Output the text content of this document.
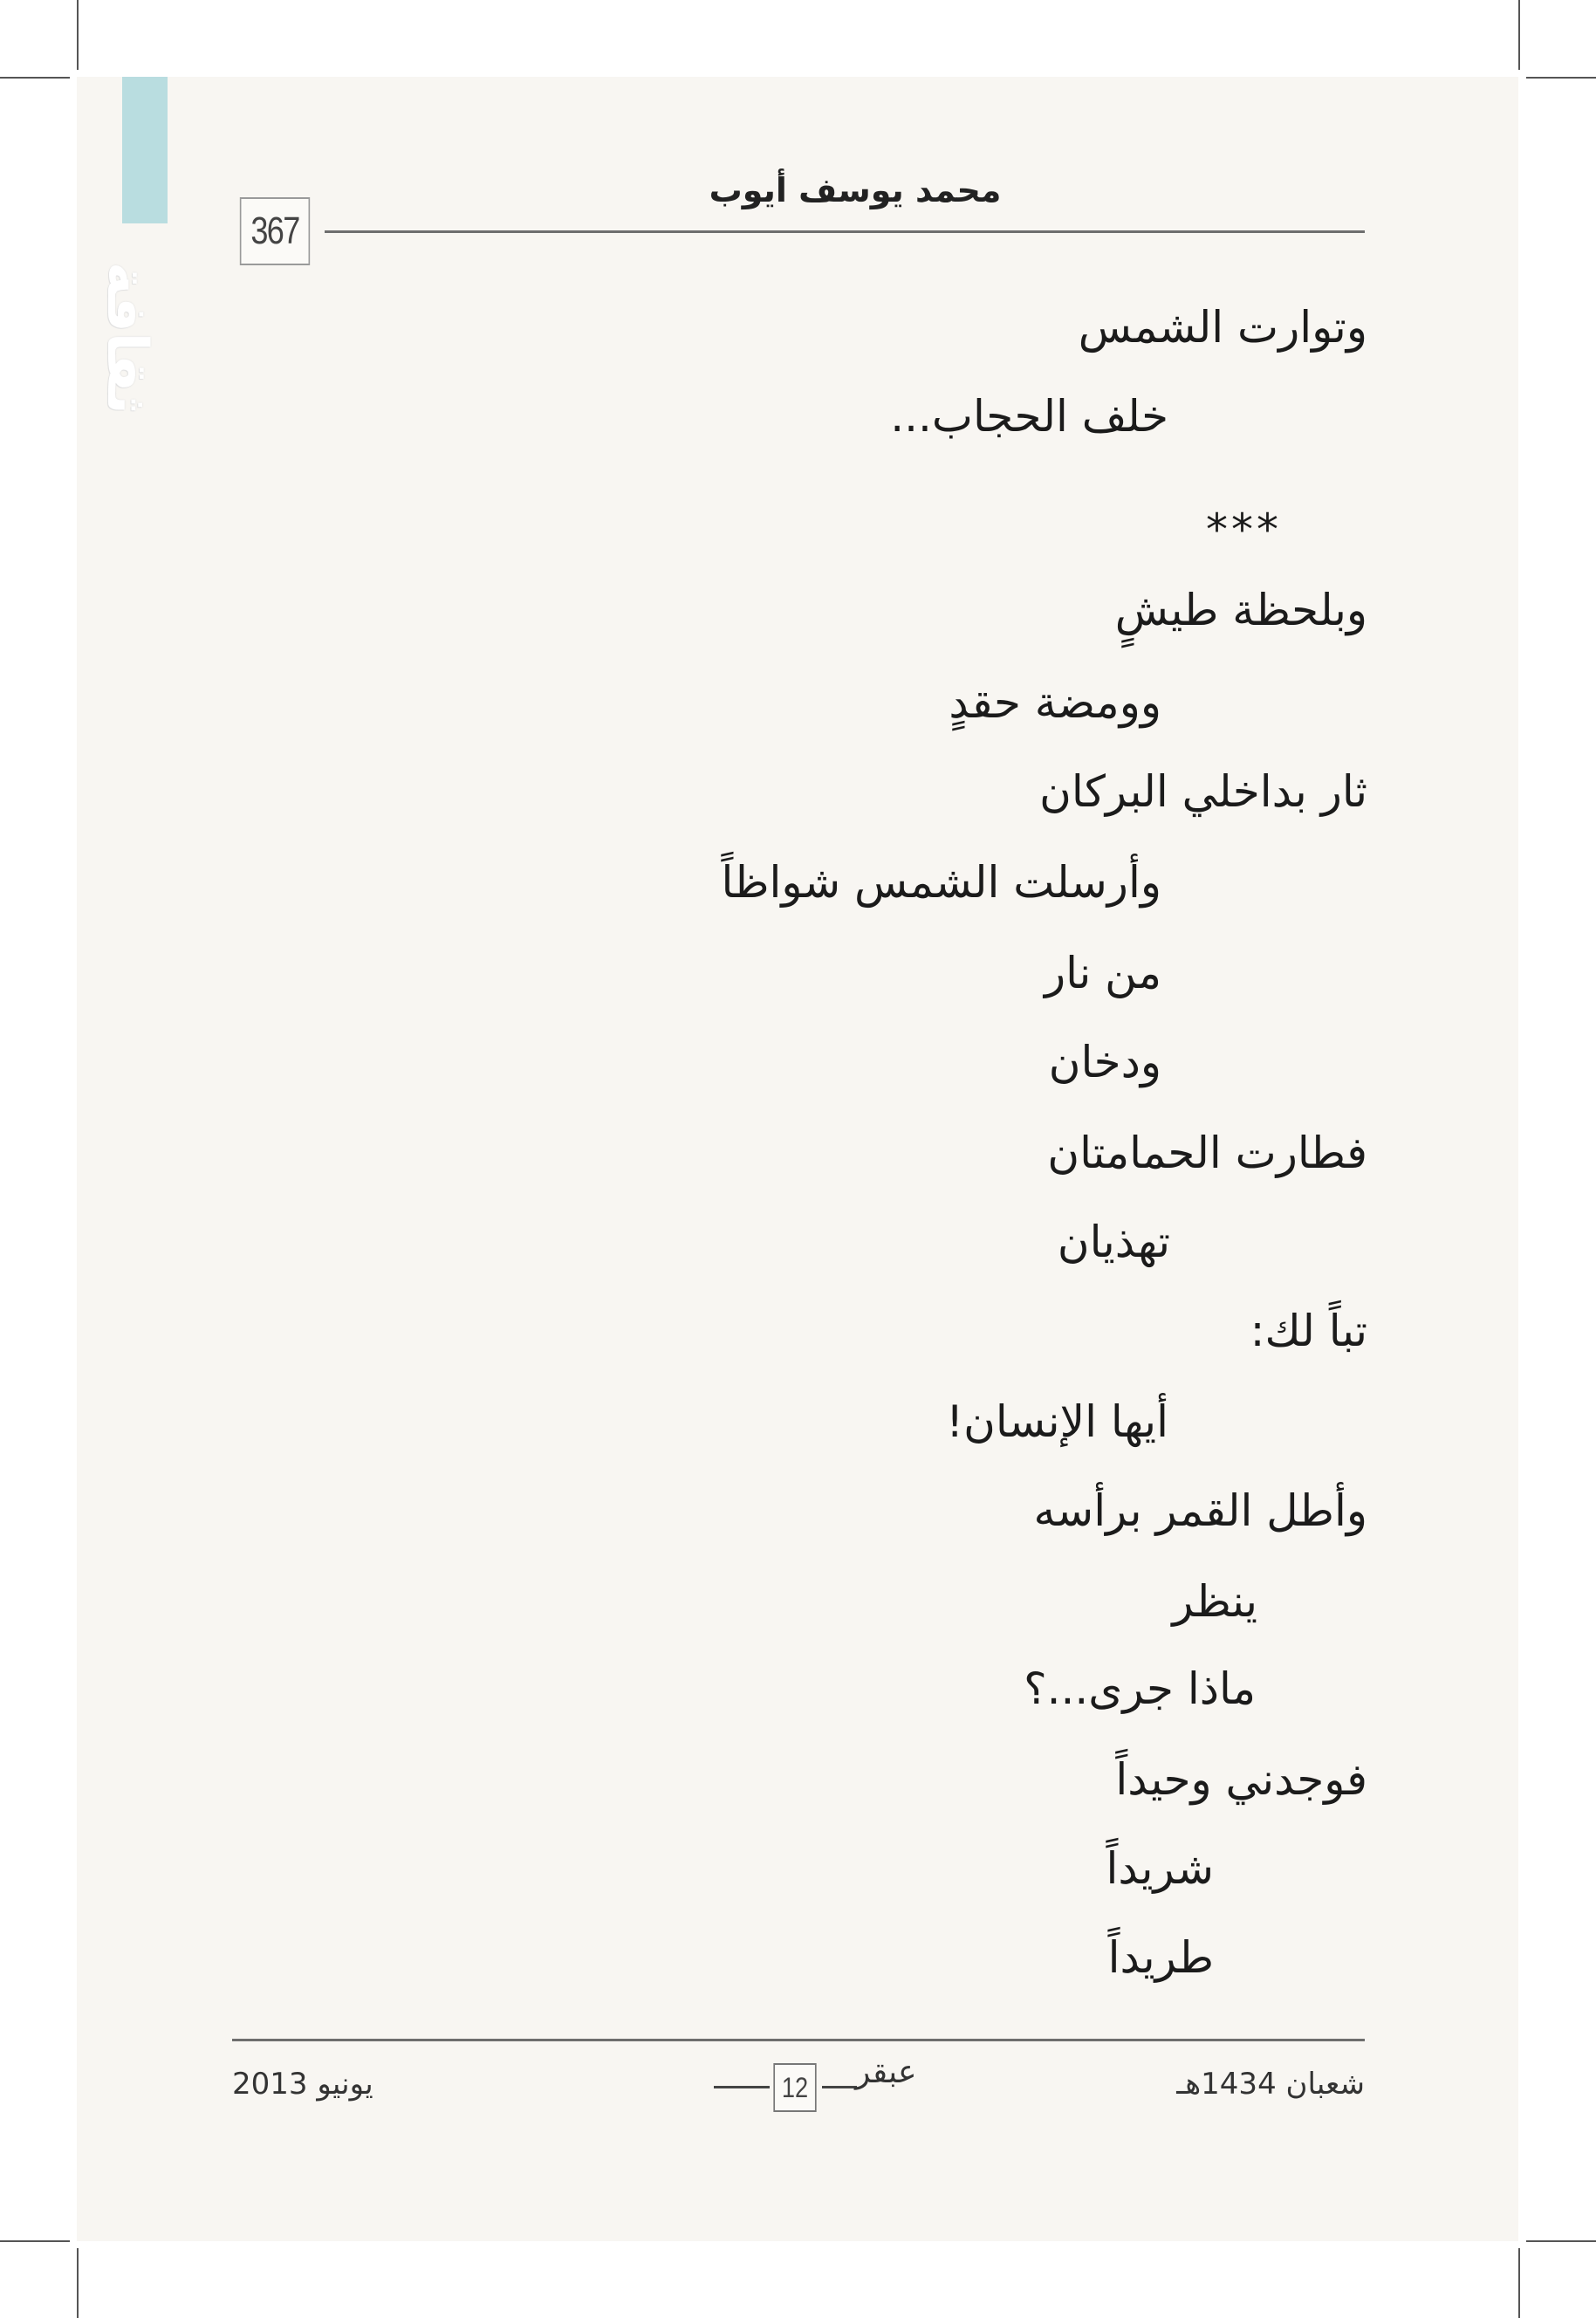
ثقافة
367
محمد يوسف أيوب
وتوارت الشمس
خلف الحجاب...
***
وبلحظة طيشٍ
وومضة حقدٍ
ثار بداخلي البركان
وأرسلت الشمس شواظاً
من نار
ودخان
فطارت الحمامتان
تهذيان
تباً لك:
أيها الإنسان!
وأطل القمر برأسه
ينظر
ماذا جرى...؟
فوجدني وحيداً
شريداً
طريداً
يونيو 2013	شعبان 1434هـ
12 عبقر
